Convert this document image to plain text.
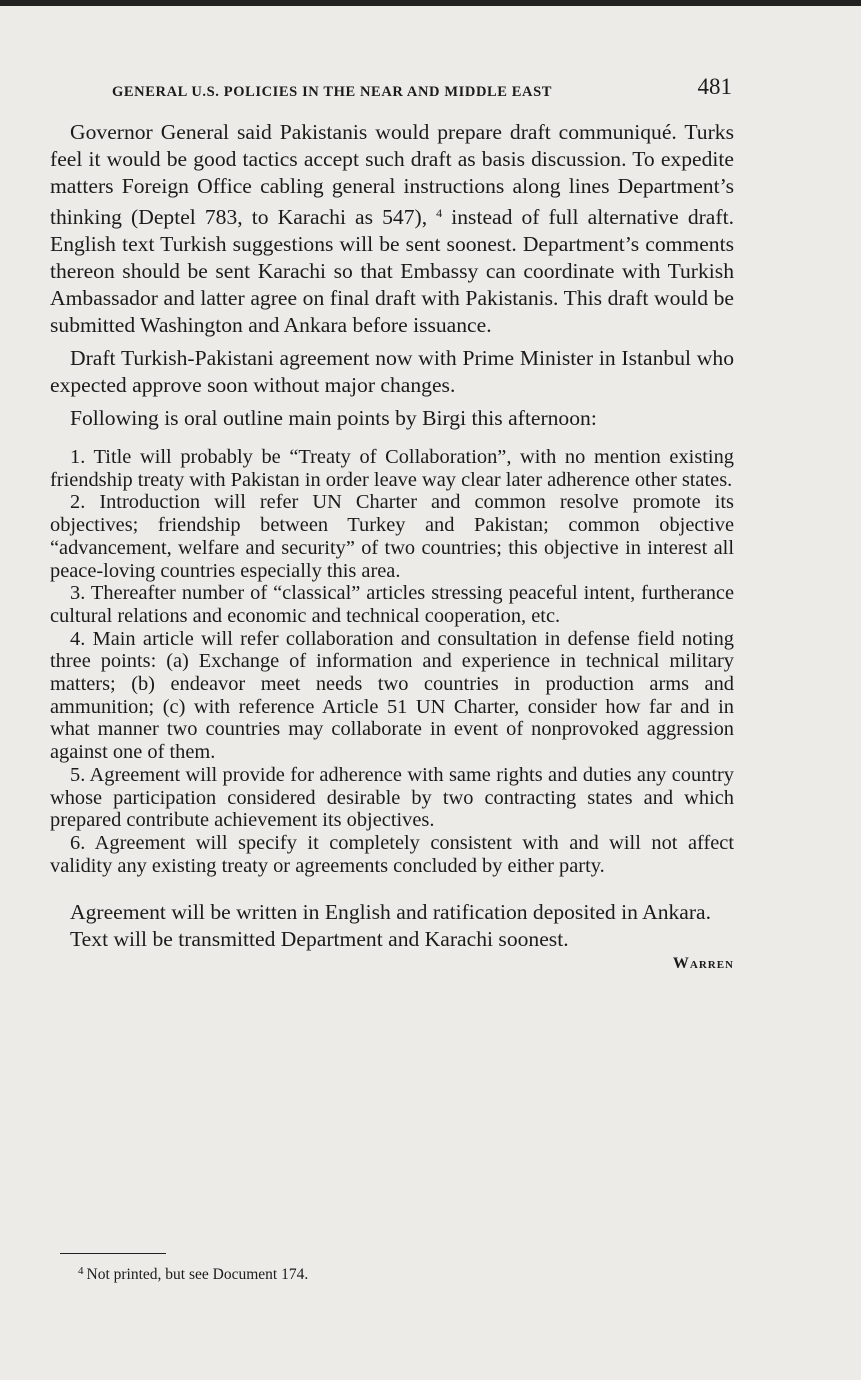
GENERAL U.S. POLICIES IN THE NEAR AND MIDDLE EAST	481

Governor General said Pakistanis would prepare draft communiqué. Turks feel it would be good tactics accept such draft as basis discussion. To expedite matters Foreign Office cabling general instructions along lines Department’s thinking (Deptel 783, to Karachi as 547), $^4$ instead of full alternative draft. English text Turkish suggestions will be sent soonest. Department’s comments thereon should be sent Karachi so that Embassy can coordinate with Turkish Ambassador and latter agree on final draft with Pakistanis. This draft would be submitted Washington and Ankara before issuance.

Draft Turkish-Pakistani agreement now with Prime Minister in Istanbul who expected approve soon without major changes.

Following is oral outline main points by Birgi this afternoon:

1. Title will probably be “Treaty of Collaboration”, with no mention existing friendship treaty with Pakistan in order leave way clear later adherence other states.
2. Introduction will refer UN Charter and common resolve promote its objectives; friendship between Turkey and Pakistan; common objective “advancement, welfare and security” of two countries; this objective in interest all peace-loving countries especially this area.
3. Thereafter number of “classical” articles stressing peaceful intent, furtherance cultural relations and economic and technical cooperation, etc.
4. Main article will refer collaboration and consultation in defense field noting three points: (a) Exchange of information and experience in technical military matters; (b) endeavor meet needs two countries in production arms and ammunition; (c) with reference Article 51 UN Charter, consider how far and in what manner two countries may collaborate in event of nonprovoked aggression against one of them.
5. Agreement will provide for adherence with same rights and duties any country whose participation considered desirable by two contracting states and which prepared contribute achievement its objectives.
6. Agreement will specify it completely consistent with and will not affect validity any existing treaty or agreements concluded by either party.

Agreement will be written in English and ratification deposited in Ankara.

Text will be transmitted Department and Karachi soonest.

Warren

$^4$ Not printed, but see Document 174.
